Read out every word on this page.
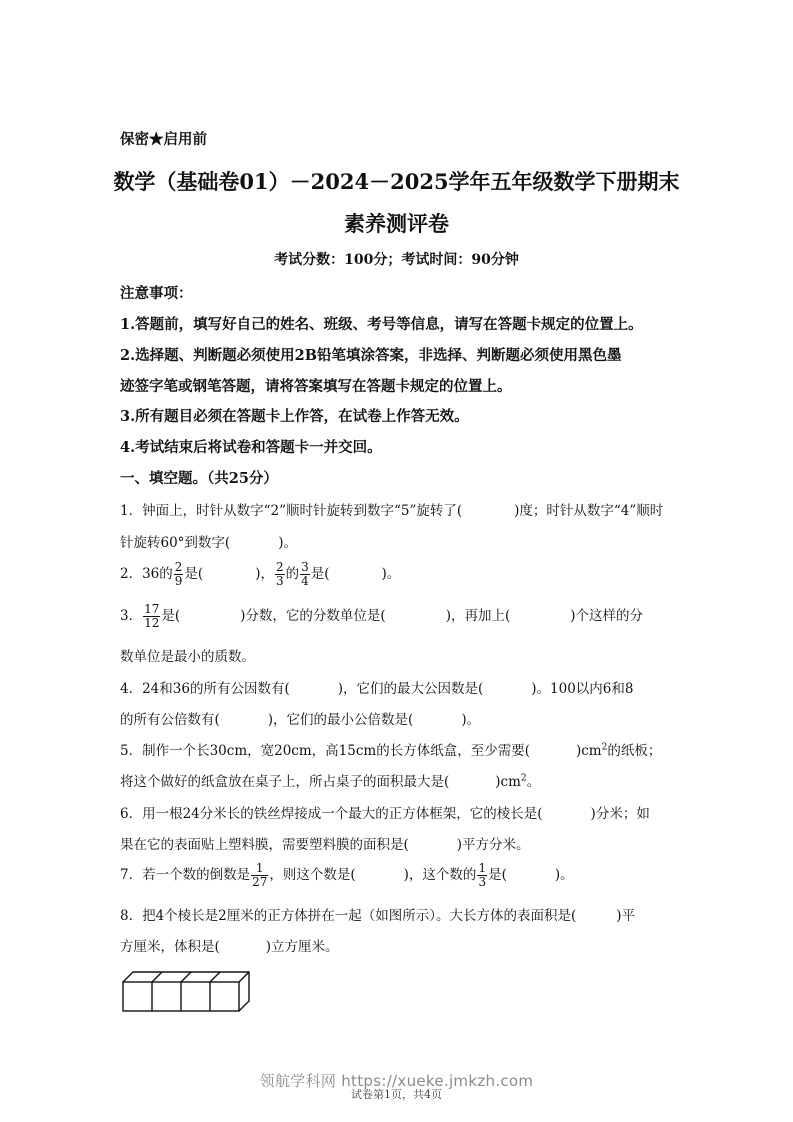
保密★启用前
数学（基础卷01）－2024－2025学年五年级数学下册期末
素养测评卷
考试分数：100分；考试时间：90分钟
注意事项：
1.答题前，填写好自己的姓名、班级、考号等信息，请写在答题卡规定的位置上。
2.选择题、判断题必须使用2B铅笔填涂答案，非选择、判断题必须使用黑色墨
迹签字笔或钢笔答题，请将答案填写在答题卡规定的位置上。
3.所有题目必须在答题卡上作答，在试卷上作答无效。
4.考试结束后将试卷和答题卡一并交回。
一、填空题。（共25分）
1．钟面上，时针从数字“2”顺时针旋转到数字“5”旋转了(	)度；时针从数字“4”顺时
针旋转60°到数字(	)。
2．36的 $\frac{2}{9}$ 是(	)， $\frac{2}{3}$ 的 $\frac{3}{4}$ 是(	)。
3． $\frac{17}{12}$ 是(	)分数，它的分数单位是(	)，再加上(	)个这样的分
数单位是最小的质数。
4．24和36的所有公因数有(	)，它们的最大公因数是(	)。100以内6和8
的所有公倍数有(	)，它们的最小公倍数是(	)。
5．制作一个长30cm，宽20cm，高15cm的长方体纸盒，至少需要(	)$cm^2$的纸板；
将这个做好的纸盒放在桌子上，所占桌子的面积最大是(	)$cm^2$。
6．用一根24分米长的铁丝焊接成一个最大的正方体框架，它的棱长是(	)分米；如
果在它的表面贴上塑料膜，需要塑料膜的面积是(	)平方分米。
7．若一个数的倒数是 $\frac{1}{27}$ ，则这个数是(	)，这个数的 $\frac{1}{3}$ 是(	)。
8．把4个棱长是2厘米的正方体拼在一起（如图所示）。大长方体的表面积是(	)平
方厘米，体积是(	)立方厘米。
试卷第1页，共4页
领航学科网 https://xueke.jmkzh.com
